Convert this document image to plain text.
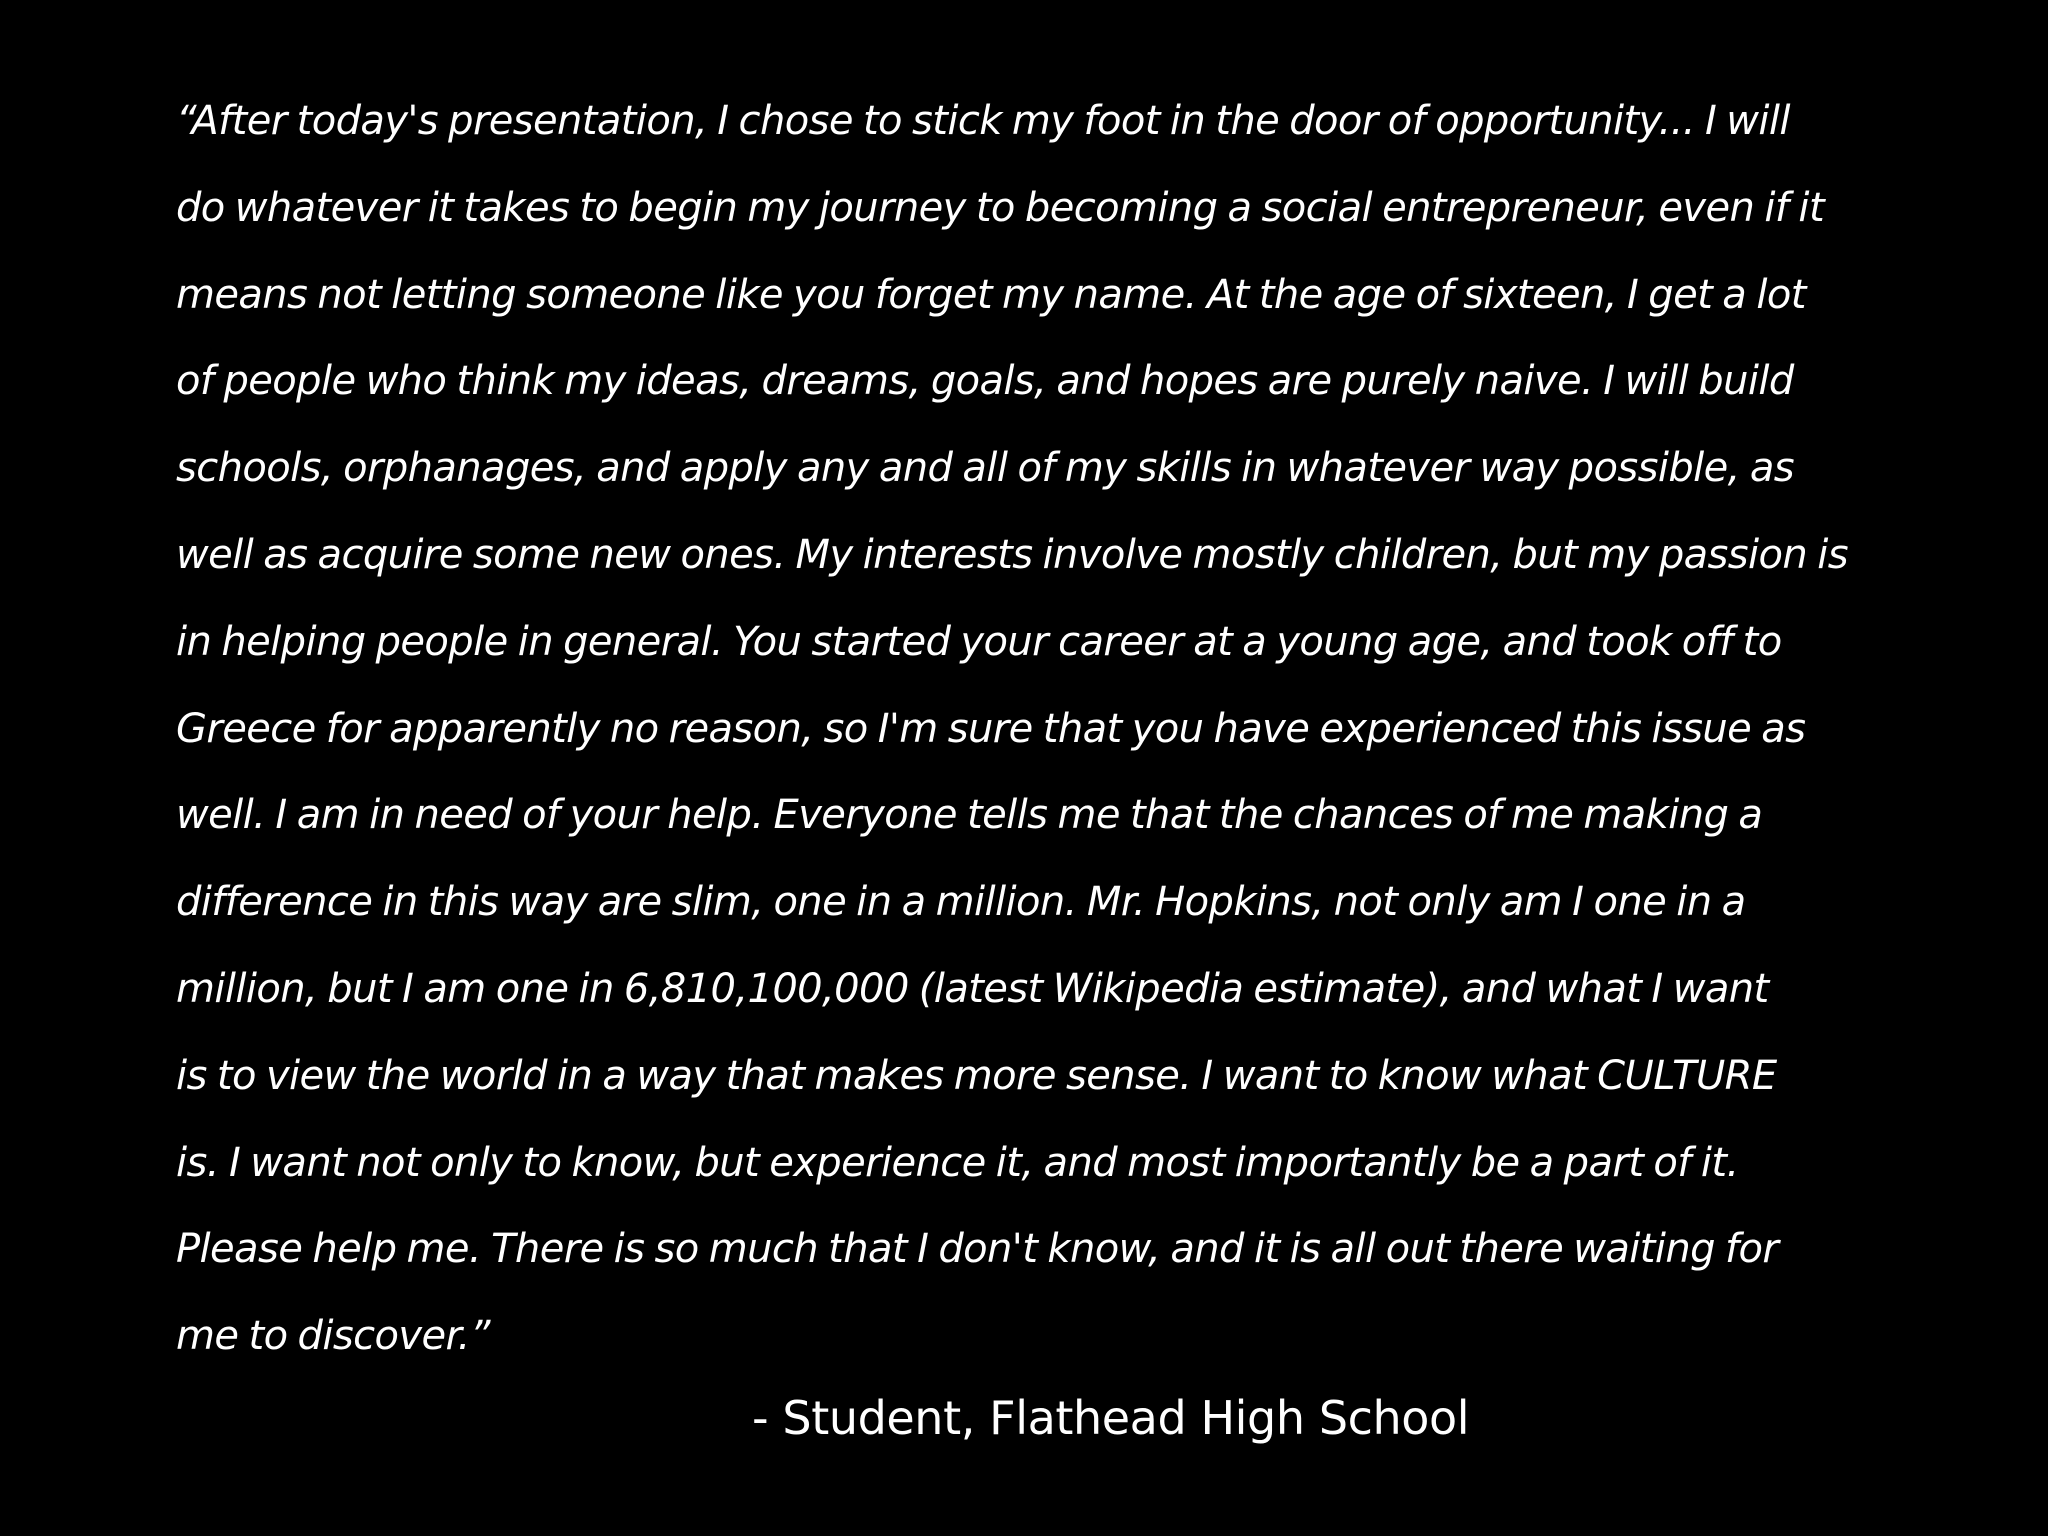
“After today's presentation, I chose to stick my foot in the door of opportunity... I will
do whatever it takes to begin my journey to becoming a social entrepreneur, even if it
means not letting someone like you forget my name. At the age of sixteen, I get a lot
of people who think my ideas, dreams, goals, and hopes are purely naive. I will build
schools, orphanages, and apply any and all of my skills in whatever way possible, as
well as acquire some new ones. My interests involve mostly children, but my passion is
in helping people in general. You started your career at a young age, and took off to
Greece for apparently no reason, so I'm sure that you have experienced this issue as
well. I am in need of your help. Everyone tells me that the chances of me making a
difference in this way are slim, one in a million. Mr. Hopkins, not only am I one in a
million, but I am one in 6,810,100,000 (latest Wikipedia estimate), and what I want
is to view the world in a way that makes more sense. I want to know what CULTURE
is. I want not only to know, but experience it, and most importantly be a part of it.
Please help me. There is so much that I don't know, and it is all out there waiting for
me to discover.”

- Student, Flathead High School
